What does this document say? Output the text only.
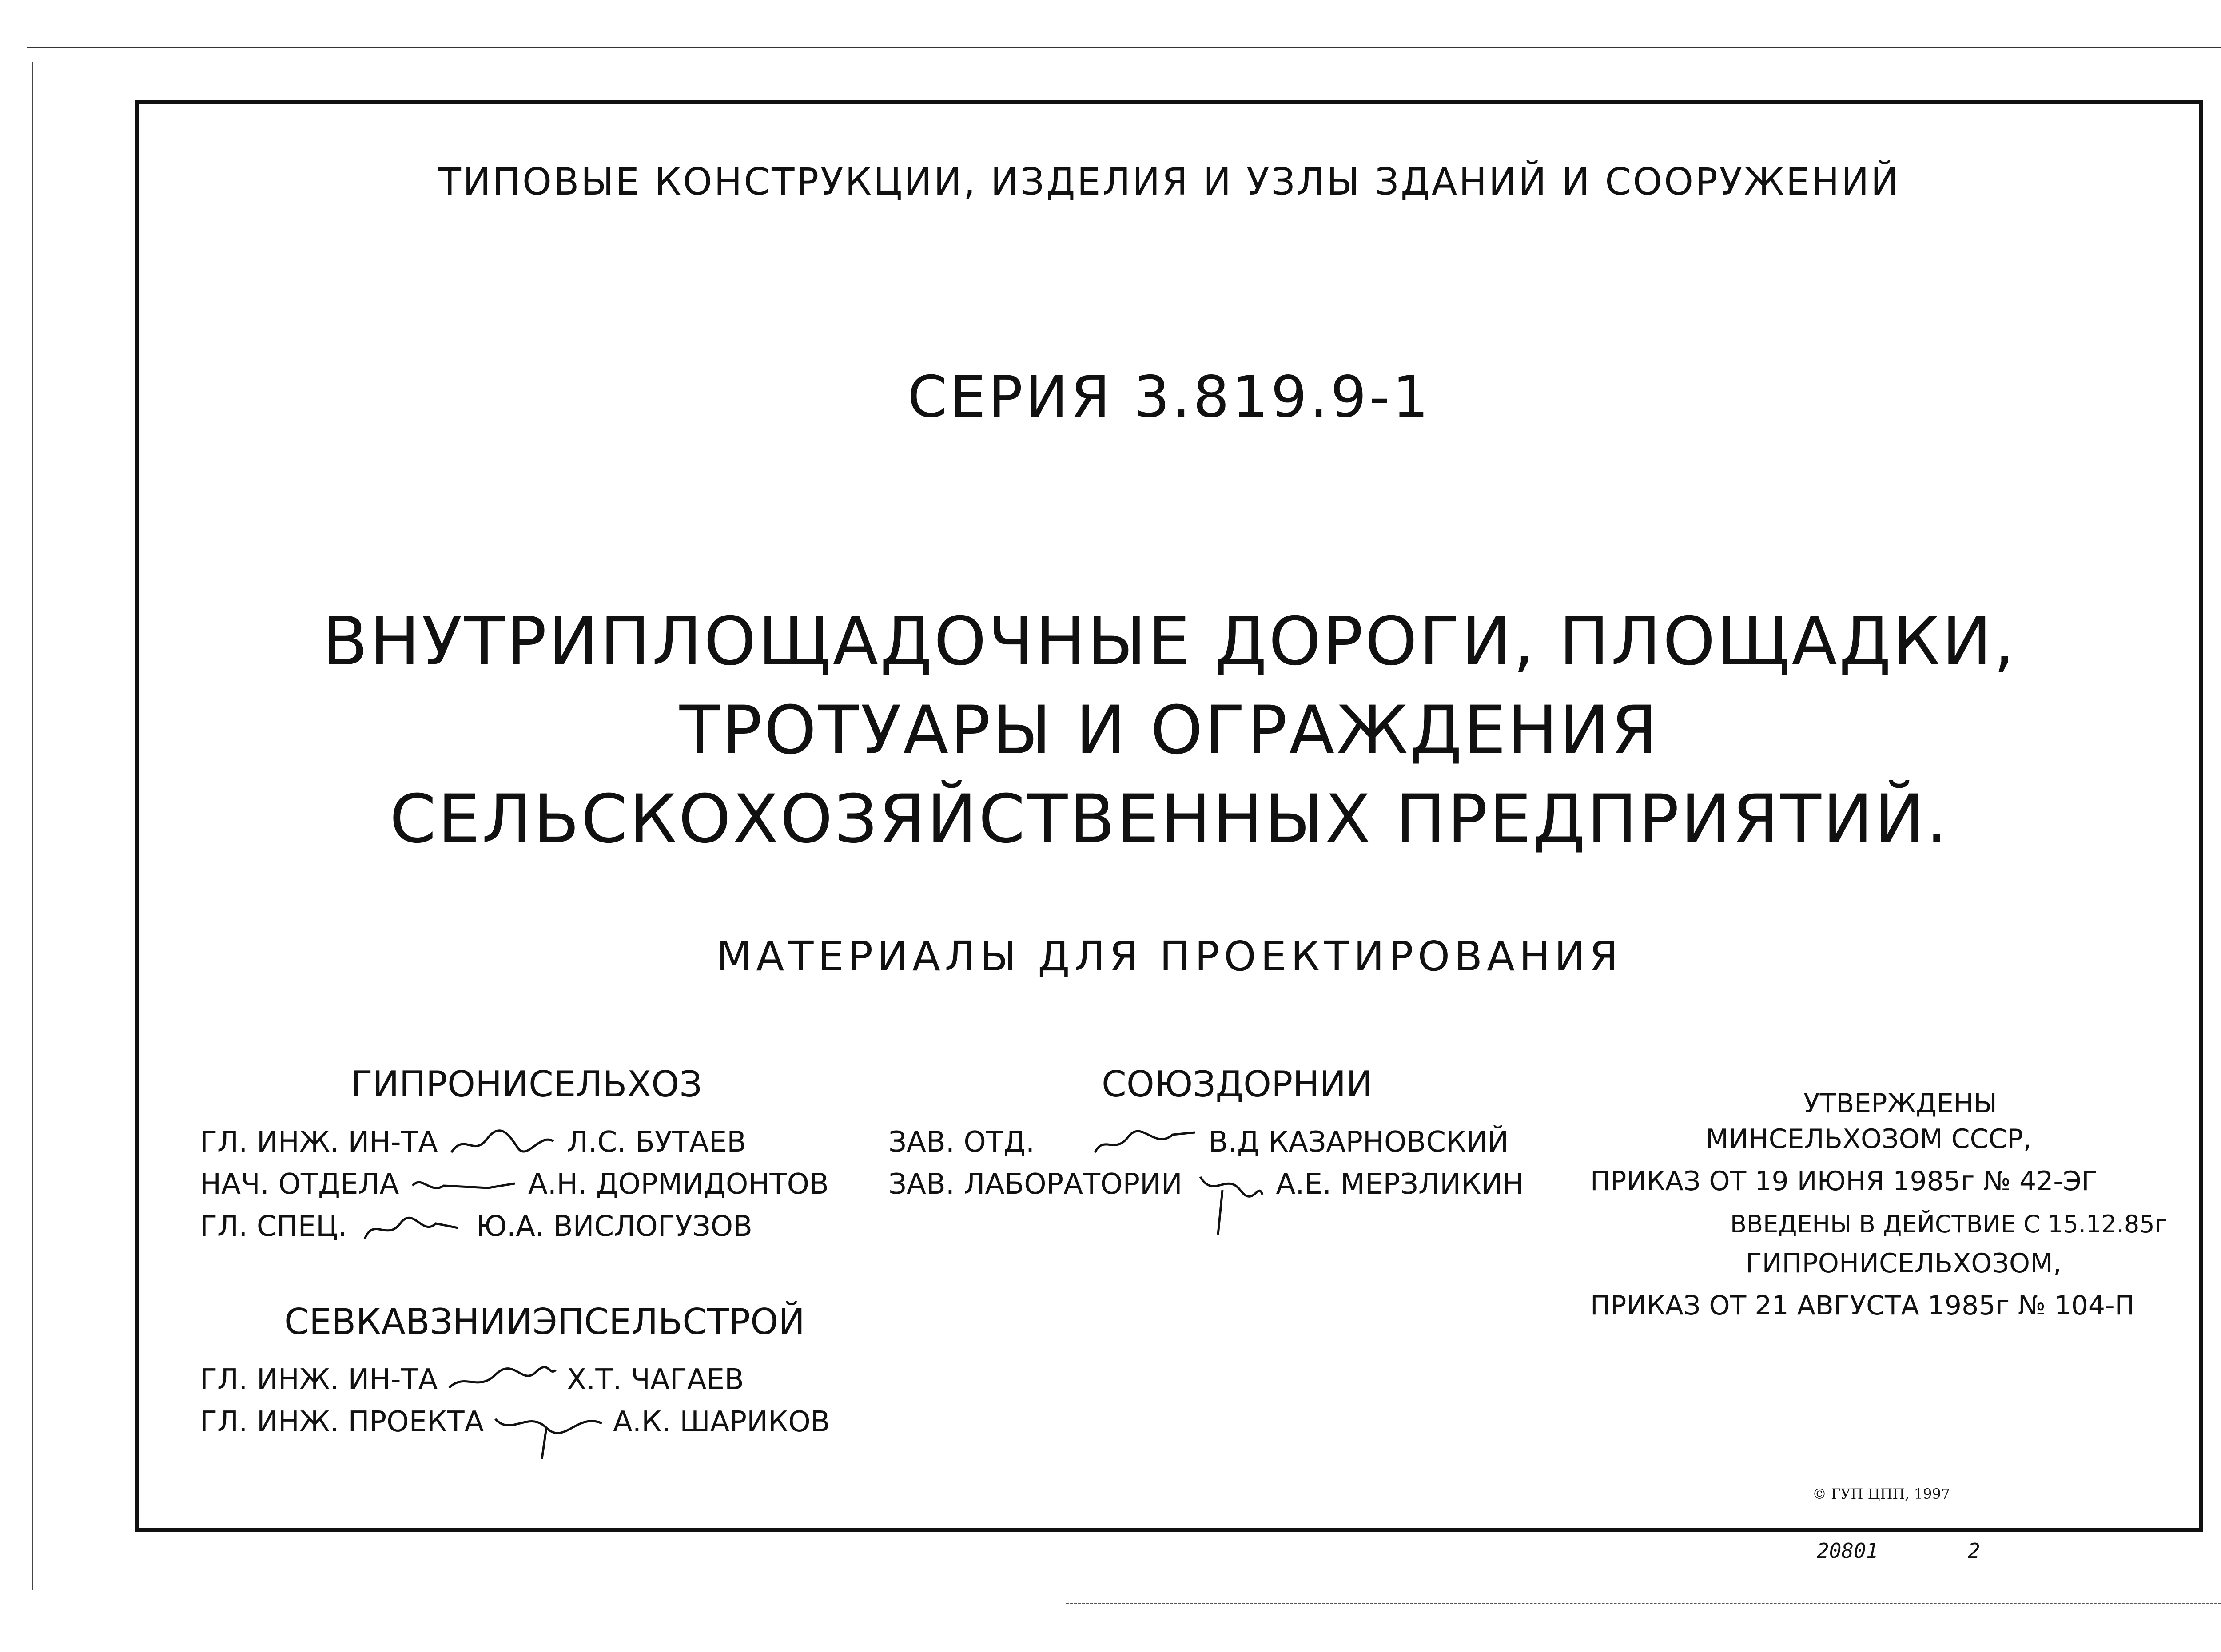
ТИПОВЫЕ КОНСТРУКЦИИ, ИЗДЕЛИЯ И УЗЛЫ ЗДАНИЙ И СООРУЖЕНИЙ
СЕРИЯ 3.819.9-1
ВНУТРИПЛОЩАДОЧНЫЕ ДОРОГИ, ПЛОЩАДКИ,
ТРОТУАРЫ И ОГРАЖДЕНИЯ
СЕЛЬСКОХОЗЯЙСТВЕННЫХ ПРЕДПРИЯТИЙ.
МАТЕРИАЛЫ ДЛЯ ПРОЕКТИРОВАНИЯ
ГИПРОНИСЕЛЬХОЗ
ГЛ. ИНЖ. ИН-ТА	Л.С. БУТАЕВ
НАЧ. ОТДЕЛА	А.Н. ДОРМИДОНТОВ
ГЛ. СПЕЦ.	Ю.А. ВИСЛОГУЗОВ
СЕВКАВЗНИИЭПСЕЛЬСТРОЙ
ГЛ. ИНЖ. ИН-ТА	Х.Т. ЧАГАЕВ
ГЛ. ИНЖ. ПРОЕКТА	А.К. ШАРИКОВ
СОЮЗДОРНИИ
ЗАВ. ОТД.	В.Д КАЗАРНОВСКИЙ
ЗАВ. ЛАБОРАТОРИИ	А.Е. МЕРЗЛИКИН
УТВЕРЖДЕНЫ
МИНСЕЛЬХОЗОМ СССР,
ПРИКАЗ ОТ 19 ИЮНЯ 1985г № 42-ЭГ
ВВЕДЕНЫ В ДЕЙСТВИЕ С 15.12.85г
ГИПРОНИСЕЛЬХОЗОМ,
ПРИКАЗ ОТ 21 АВГУСТА 1985г № 104-П
© ГУП ЦПП, 1997
20801	2
